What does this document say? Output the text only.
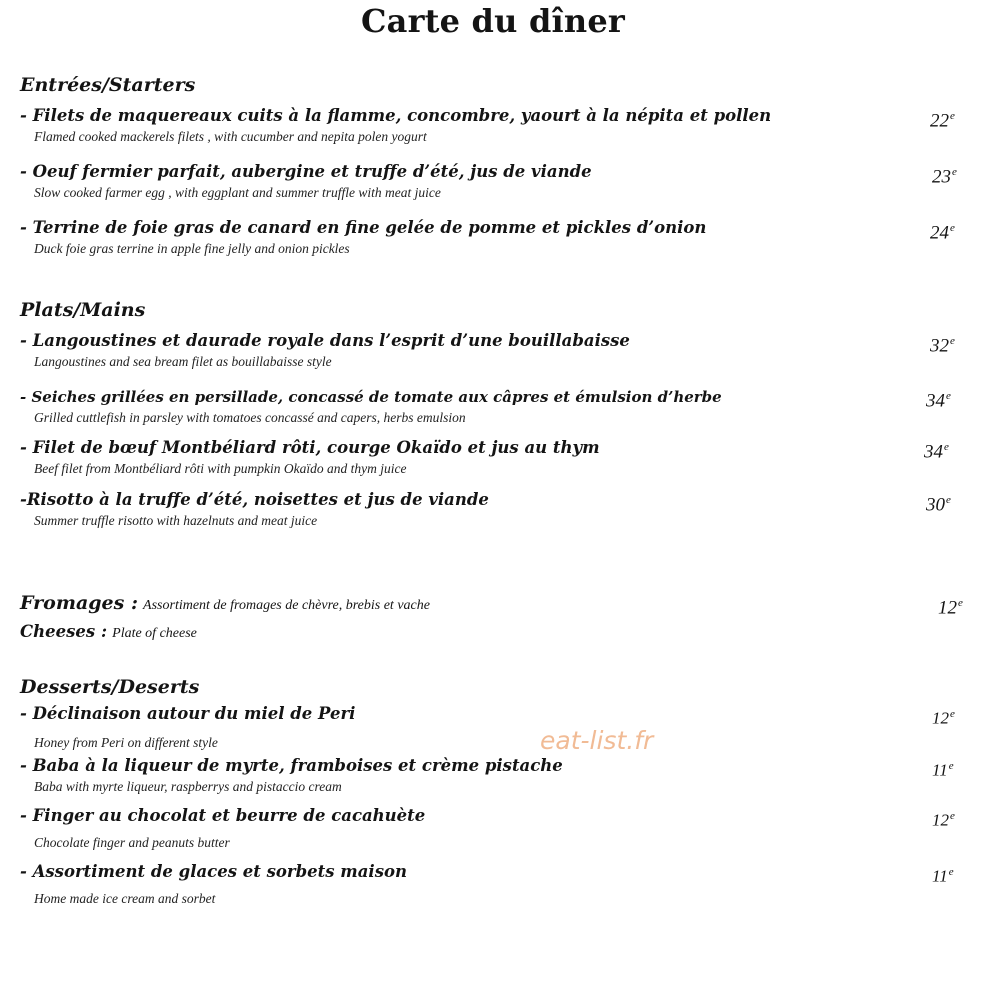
Carte du dîner
Entrées/Starters
- Filets de maquereaux cuits à la flamme, concombre, yaourt à la népita et pollen
Flamed cooked mackerels filets , with cucumber and nepita polen yogurt
22e
- Oeuf fermier parfait, aubergine et truffe d’été, jus de viande
Slow cooked farmer egg , with eggplant and summer truffle with meat juice
23e
- Terrine de foie gras de canard en fine gelée de pomme et pickles d’onion
Duck foie gras terrine in apple fine jelly and onion pickles
24e
Plats/Mains
- Langoustines et daurade royale dans l’esprit d’une bouillabaisse
Langoustines and sea bream filet as bouillabaisse style
32e
- Seiches grillées en persillade, concassé de tomate aux câpres et émulsion d’herbe
Grilled cuttlefish in parsley with tomatoes concassé and capers, herbs emulsion
34e
- Filet de bœuf Montbéliard rôti, courge Okaïdo et jus au thym
Beef filet from Montbéliard rôti with pumpkin Okaïdo and thym juice
34e
-Risotto à la truffe d’été, noisettes et jus de viande
Summer truffle risotto with hazelnuts and meat juice
30e
Fromages : Assortiment de fromages de chèvre, brebis et vache	12e
Cheeses : Plate of cheese
Desserts/Deserts
- Déclinaison autour du miel de Peri
Honey from Peri on different style
12e
- Baba à la liqueur de myrte, framboises et crème pistache
Baba with myrte liqueur, raspberrys and pistaccio cream
11e
- Finger au chocolat et beurre de cacahuète
Chocolate finger and peanuts butter
12e
- Assortiment de glaces et sorbets maison
Home made ice cream and sorbet
11e
eat-list.fr
